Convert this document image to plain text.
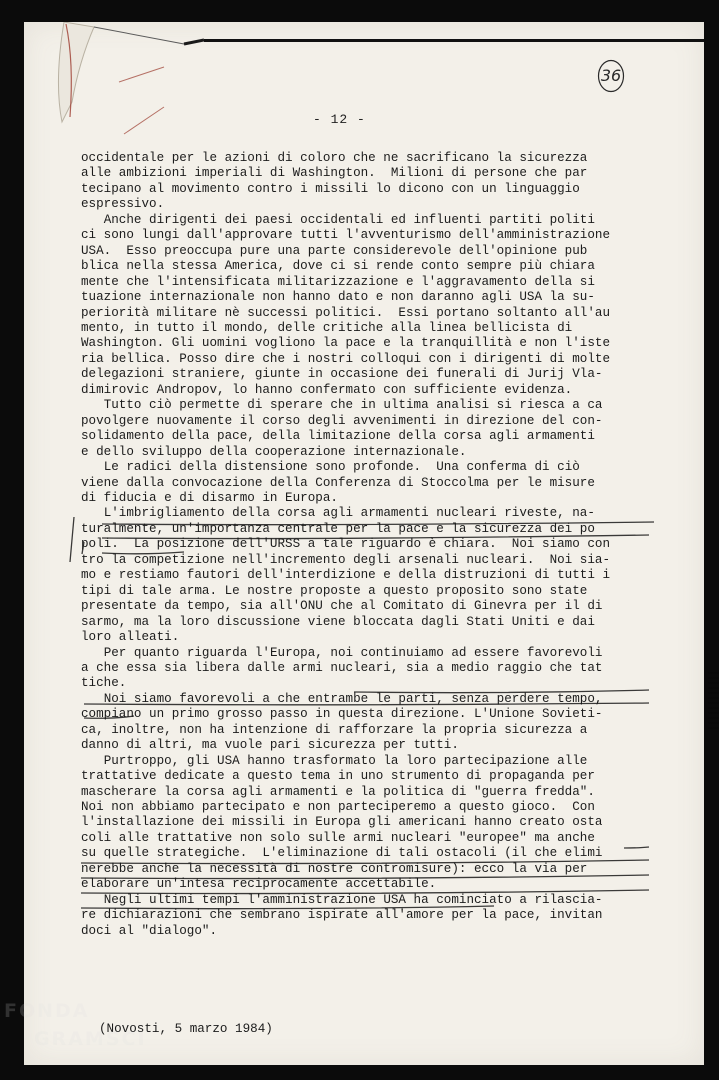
36
- 12 -

occidentale per le azioni di coloro che ne sacrificano la sicurezza
alle ambizioni imperiali di Washington.  Milioni di persone che par
tecipano al movimento contro i missili lo dicono con un linguaggio
espressivo.

Anche dirigenti dei paesi occidentali ed influenti partiti politi
ci sono lungi dall'approvare tutti l'avventurismo dell'amministrazione
USA.  Esso preoccupa pure una parte considerevole dell'opinione pub
blica nella stessa America, dove ci si rende conto sempre più chiara
mente che l'intensificata militarizzazione e l'aggravamento della si
tuazione internazionale non hanno dato e non daranno agli USA la su-
periorità militare nè successi politici.  Essi portano soltanto all'au
mento, in tutto il mondo, delle critiche alla linea bellicista di
Washington. Gli uomini vogliono la pace e la tranquillità e non l'iste
ria bellica. Posso dire che i nostri colloqui con i dirigenti di molte
delegazioni straniere, giunte in occasione dei funerali di Jurij Vla-
dimirovic Andropov, lo hanno confermato con sufficiente evidenza.

Tutto ciò permette di sperare che in ultima analisi si riesca a ca
povolgere nuovamente il corso degli avvenimenti in direzione del con-
solidamento della pace, della limitazione della corsa agli armamenti
e dello sviluppo della cooperazione internazionale.

Le radici della distensione sono profonde.  Una conferma di ciò
viene dalla convocazione della Conferenza di Stoccolma per le misure
di fiducia e di disarmo in Europa.

L'imbrigliamento della corsa agli armamenti nucleari riveste, na-
turalmente, un'importanza centrale per la pace e la sicurezza dei po
poli.  La posizione dell'URSS a tale riguardo è chiara.  Noi siamo con
tro la competizione nell'incremento degli arsenali nucleari.  Noi sia-
mo e restiamo fautori dell'interdizione e della distruzioni di tutti i
tipi di tale arma. Le nostre proposte a questo proposito sono state
presentate da tempo, sia all'ONU che al Comitato di Ginevra per il di
sarmo, ma la loro discussione viene bloccata dagli Stati Uniti e dai
loro alleati.

Per quanto riguarda l'Europa, noi continuiamo ad essere favorevoli
a che essa sia libera dalle armi nucleari, sia a medio raggio che tat
tiche.

Noi siamo favorevoli a che entrambe le parti, senza perdere tempo,
compiano un primo grosso passo in questa direzione. L'Unione Sovieti-
ca, inoltre, non ha intenzione di rafforzare la propria sicurezza a
danno di altri, ma vuole pari sicurezza per tutti.

Purtroppo, gli USA hanno trasformato la loro partecipazione alle
trattative dedicate a questo tema in uno strumento di propaganda per
mascherare la corsa agli armamenti e la politica di "guerra fredda".
Noi non abbiamo partecipato e non parteciperemo a questo gioco.  Con
l'installazione dei missili in Europa gli americani hanno creato osta
coli alle trattative non solo sulle armi nucleari "europee" ma anche
su quelle strategiche.  L'eliminazione di tali ostacoli (il che elimi
nerebbe anche la necessità di nostre contromisure): ecco la via per
elaborare un'intesa reciprocamente accettabile.

Negli ultimi tempi l'amministrazione USA ha cominciato a rilascia-
re dichiarazioni che sembrano ispirate all'amore per la pace, invitan
doci al "dialogo".

(Novosti, 5 marzo 1984)
FONDA
GRAMSCI
